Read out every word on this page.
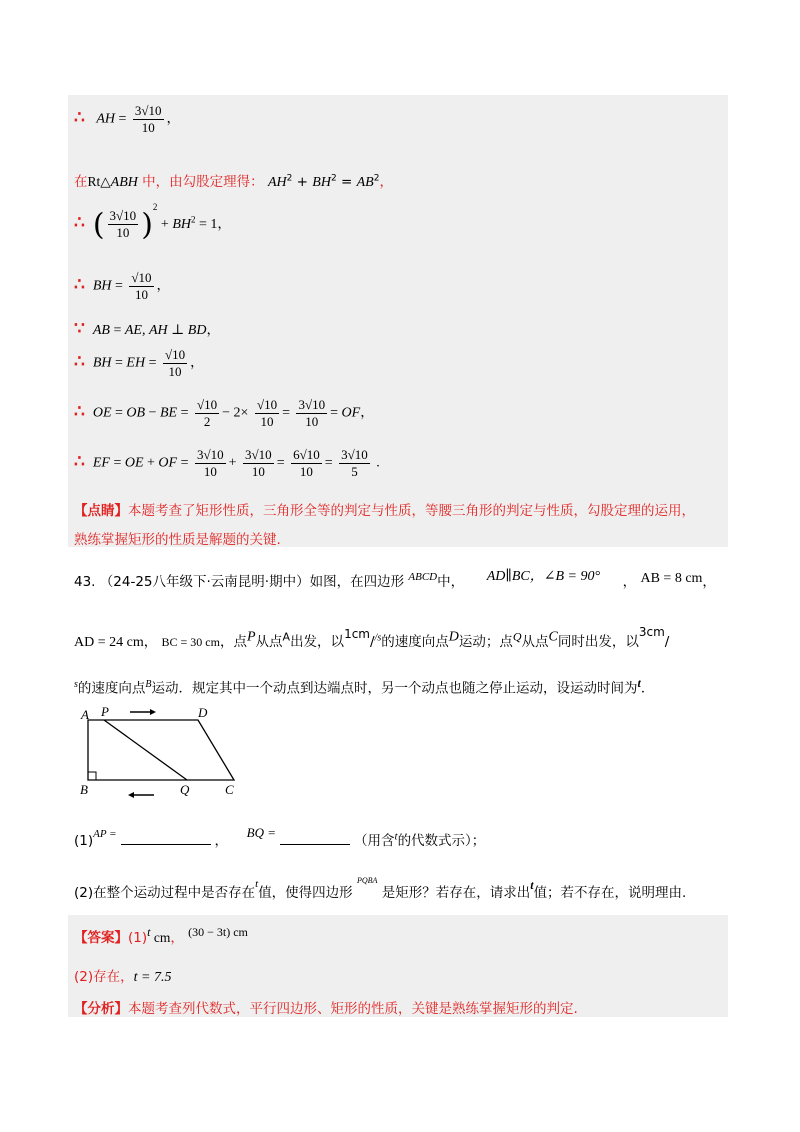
∴ AH = $\frac{3√10}{10}$ ，
在Rt△ABH 中，由勾股定理得： $AH^2 + BH^2 = AB^2$，
∴ ( $\frac{3√10}{10} )^2 + BH^2 = 1$，
∴ BH = $\frac{√10}{10}$ ，
∵ AB = AE, AH ⊥ BD，
∴ BH = EH = $\frac{√10}{10}$ ，
∴ OE = OB − BE = $\frac{√10}{2} - 2\times \frac{√10}{10} = \frac{3√10}{10}$ = OF，
∴ EF = OE + OF = $\frac{3√10}{10} + \frac{3√10}{10} = \frac{6√10}{10} = \frac{3√10}{5}$ .
【点睛】本题考查了矩形性质，三角形全等的判定与性质，等腰三角形的判定与性质，勾股定理的运用，
熟练掌握矩形的性质是解题的关键.
43. （24-25八年级下·云南昆明·期中）如图，在四边形 $^{ABCD}$中， AD∥BC，∠B = 90° ， AB = 8 cm，
AD = 24 cm， BC = 30 cm，点$^P$从点$^A$出发，以$^{1cm}$/$^{/s}$的速度向点$^D$运动；点$^Q$从点$^C$同时出发，以$^{3cm}$/
$^s$的速度向点$^B$运动．规定其中一个动点到达端点时，另一个动点也随之停止运动，设运动时间为$^t$．
A P	D
B	Q	C
$(1)^{AP =}$	，  $^{BQ =}$（用含$^t$的代数式示）；
(2)在整个运动过程中是否存在$^t$值，使得四边形 $^{PQBA}$ 是矩形？若存在，请求出$^t$值；若不存在，说明理由.
【答案】$(1)^t$ cm， $^{(30 - 3t) cm}$
(2)存在，t = 7.5
【分析】本题考查列代数式，平行四边形、矩形的性质，关键是熟练掌握矩形的判定.
